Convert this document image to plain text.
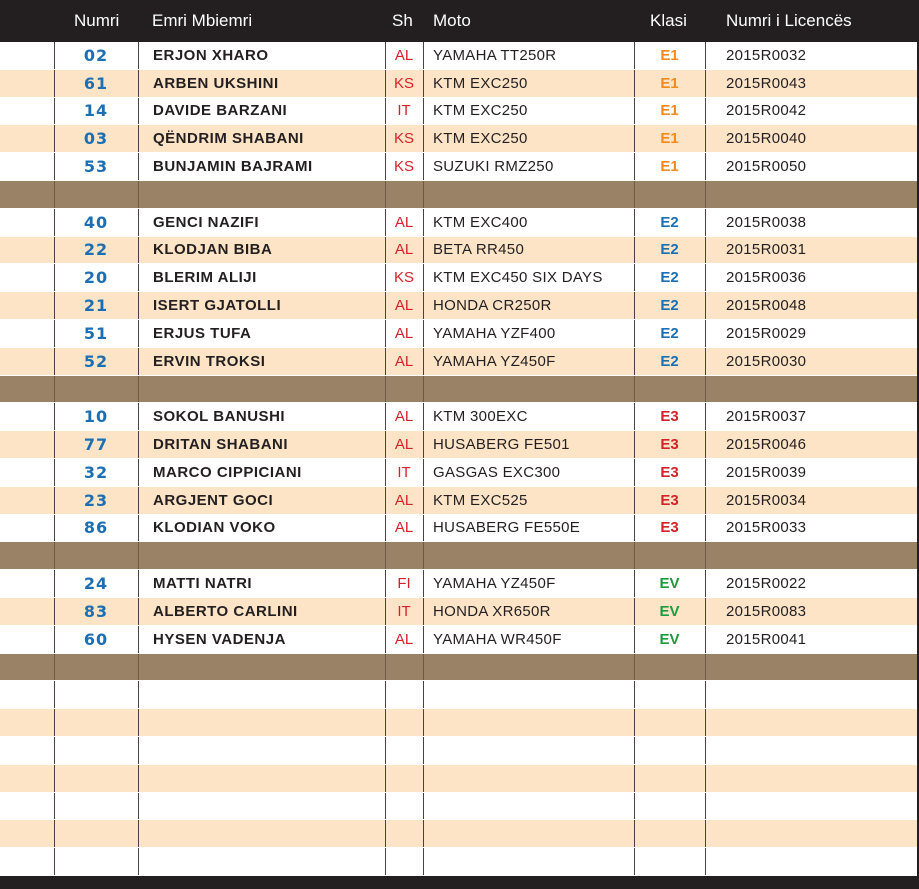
Numri Emri Mbiemri	Sh Moto	Klasi Numri i Licencës
02	ERJON XHARO	AL YAMAHA TT250R	E1	2015R0032
61	ARBEN UKSHINI	KS KTM EXC250	E1	2015R0043
14	DAVIDE BARZANI	IT KTM EXC250	E1	2015R0042
03	QËNDRIM SHABANI	KS KTM EXC250	E1	2015R0040
53	BUNJAMIN BAJRAMI	KS SUZUKI RMZ250	E1	2015R0050
40	GENCI NAZIFI	AL KTM EXC400	E2	2015R0038
22	KLODJAN BIBA	AL BETA RR450	E2	2015R0031
20	BLERIM ALIJI	KS KTM EXC450 SIX DAYS	E2	2015R0036
21	ISERT GJATOLLI	AL HONDA CR250R	E2	2015R0048
51	ERJUS TUFA	AL YAMAHA YZF400	E2	2015R0029
52	ERVIN TROKSI	AL YAMAHA YZ450F	E2	2015R0030
10	SOKOL BANUSHI	AL KTM 300EXC	E3	2015R0037
77	DRITAN SHABANI	AL HUSABERG FE501	E3	2015R0046
32	MARCO CIPPICIANI	IT GASGAS EXC300	E3	2015R0039
23	ARGJENT GOCI	AL KTM EXC525	E3	2015R0034
86	KLODIAN VOKO	AL HUSABERG FE550E	E3	2015R0033
24	MATTI NATRI	FI YAMAHA YZ450F	EV	2015R0022
83	ALBERTO CARLINI	IT HONDA XR650R	EV	2015R0083
60	HYSEN VADENJA	AL YAMAHA WR450F	EV	2015R0041
